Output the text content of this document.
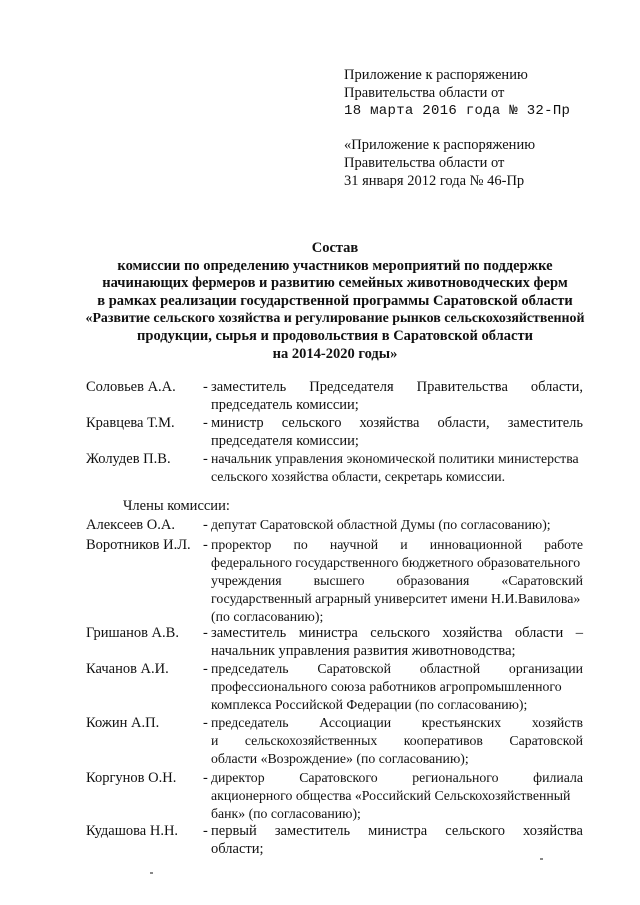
Приложение к распоряжению
Правительства области от
18 марта 2016 года № 32-Пр
«Приложение к распоряжению
Правительства области от
31 января 2012 года № 46-Пр
Состав
комиссии по определению участников мероприятий по поддержке
начинающих фермеров и развитию семейных животноводческих ферм
в рамках реализации государственной программы Саратовской области
«Развитие сельского хозяйства и регулирование рынков сельскохозяйственной
продукции, сырья и продовольствия в Саратовской области
на 2014-2020 годы»
Соловьев А.А. - заместитель Председателя Правительства области,
председатель комиссии;
Кравцева Т.М. - министр сельского хозяйства области, заместитель
председателя комиссии;
Жолудев П.В. - начальник управления экономической политики министерства
сельского хозяйства области, секретарь комиссии.
Члены комиссии:
Алексеев О.А. - депутат Саратовской областной Думы (по согласованию);
Воротников И.Л. - проректор по научной и инновационной работе
федерального государственного бюджетного образовательного
учреждения высшего образования «Саратовский
государственный аграрный университет имени Н.И.Вавилова»
(по согласованию);
Гришанов А.В. - заместитель министра сельского хозяйства области –
начальник управления развития животноводства;
Качанов А.И. - председатель Саратовской областной организации
профессионального союза работников агропромышленного
комплекса Российской Федерации (по согласованию);
Кожин А.П.	- председатель Ассоциации крестьянских хозяйств
и сельскохозяйственных кооперативов Саратовской
области «Возрождение» (по согласованию);
Коргунов О.Н. - директор Саратовского регионального филиала
акционерного общества «Российский Сельскохозяйственный
банк» (по согласованию);
Кудашова Н.Н. - первый заместитель министра сельского хозяйства
области;
